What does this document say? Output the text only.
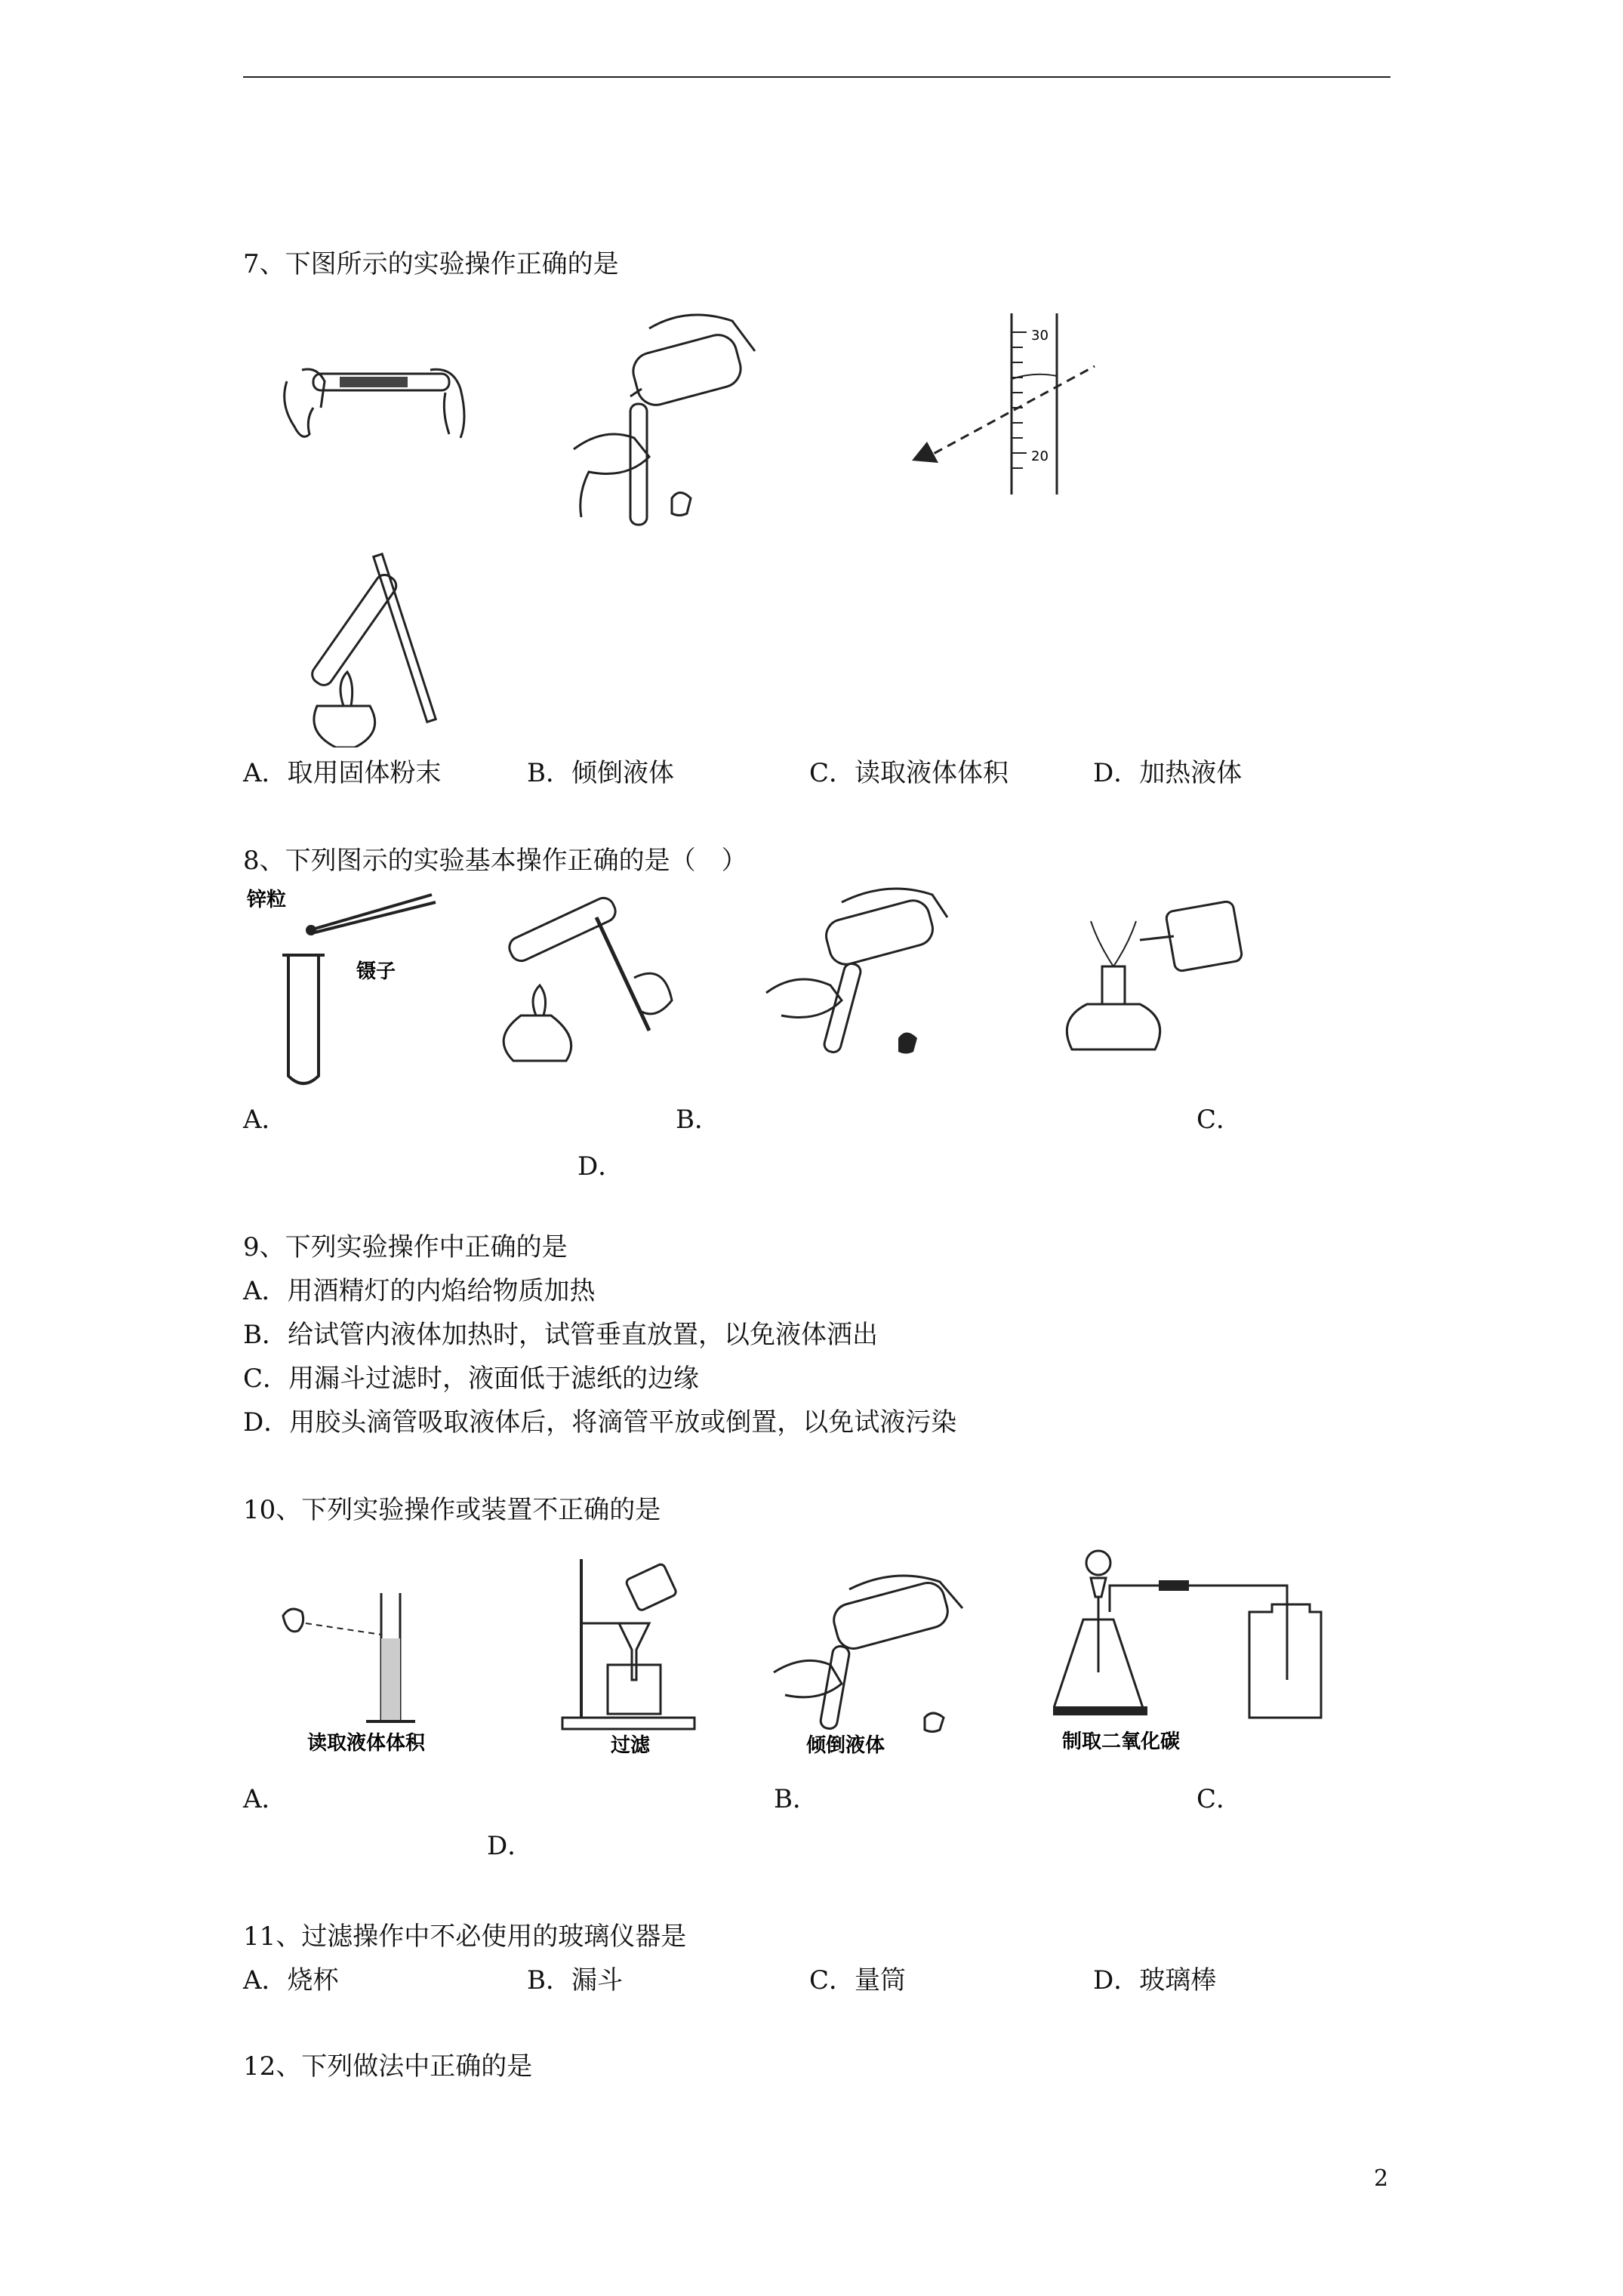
7、下图所示的实验操作正确的是
30
20
A．取用固体粉末	B．倾倒液体	C．读取液体体积	D．加热液体
8、下列图示的实验基本操作正确的是（　）
锌粒
镊子
A．	B．	C．
D．
9、下列实验操作中正确的是
A．用酒精灯的内焰给物质加热
B．给试管内液体加热时，试管垂直放置，以免液体洒出
C．用漏斗过滤时，液面低于滤纸的边缘
D．用胶头滴管吸取液体后，将滴管平放或倒置，以免试液污染
10、下列实验操作或装置不正确的是
读取液体体积	过滤	倾倒液体	制取二氧化碳
A．	B．	C．
D．
11、过滤操作中不必使用的玻璃仪器是
A．烧杯	B．漏斗	C．量筒	D．玻璃棒
12、下列做法中正确的是
2
